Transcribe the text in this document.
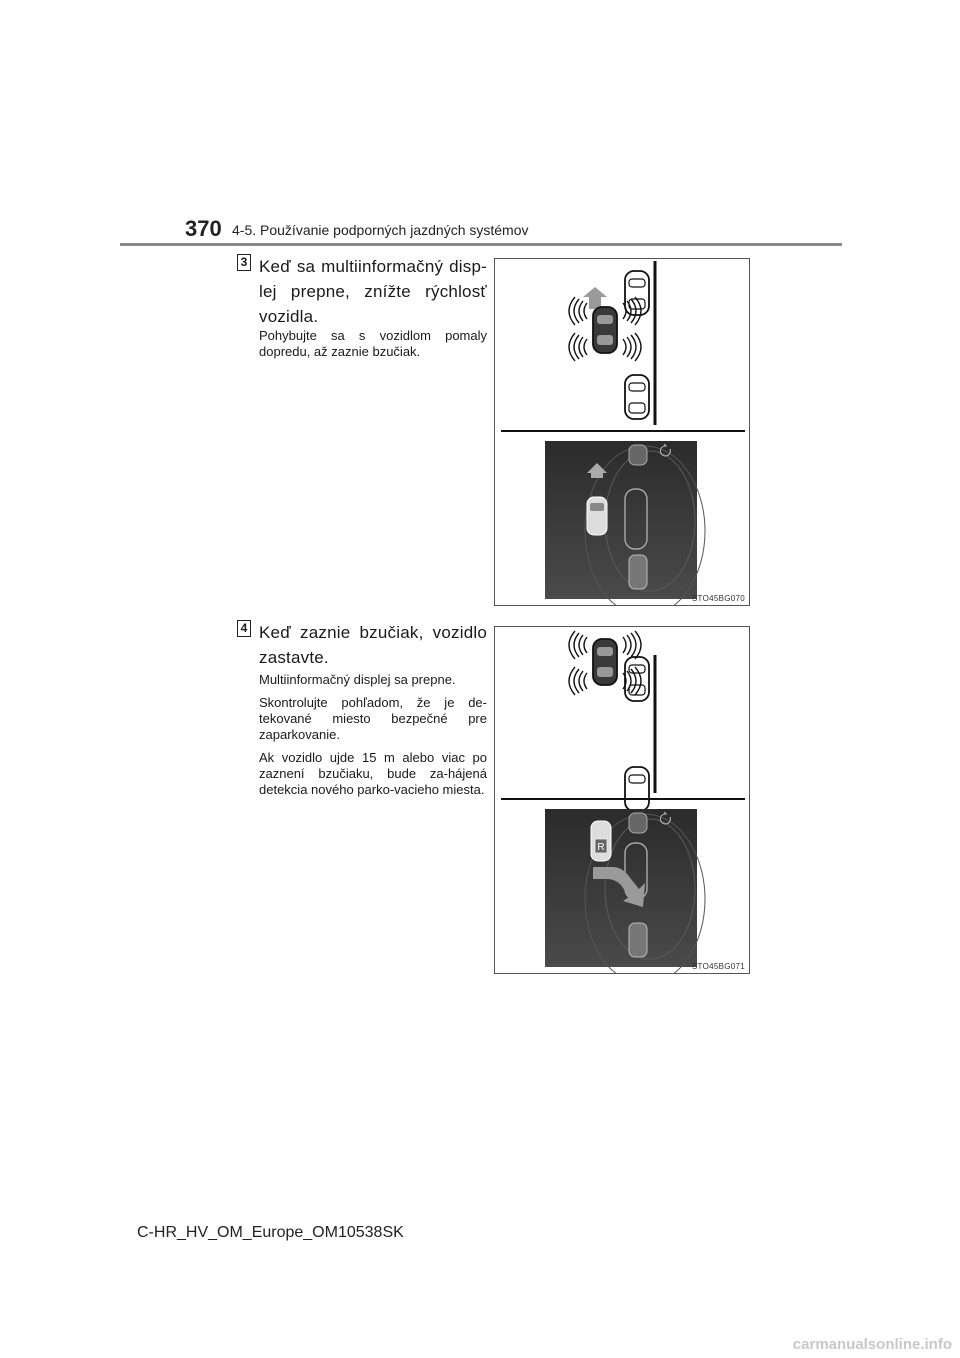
370 4-5. Používanie podporných jazdných systémov
3 Keď sa multiinformačný disp-lej prepne, znížte rýchlosť vozidla.

Pohybujte sa s vozidlom pomaly dopredu, až zaznie bzučiak.

STO45BG070
4 Keď zaznie bzučiak, vozidlo zastavte.

Multiinformačný displej sa prepne.

Skontrolujte pohľadom, že je de-tekované miesto bezpečné pre zaparkovanie.

Ak vozidlo ujde 15 m alebo viac po zaznení bzučiaku, bude za-hájená detekcia nového parko-vacieho miesta.

R
STO45BG071
C-HR_HV_OM_Europe_OM10538SK
carmanualsonline.info
